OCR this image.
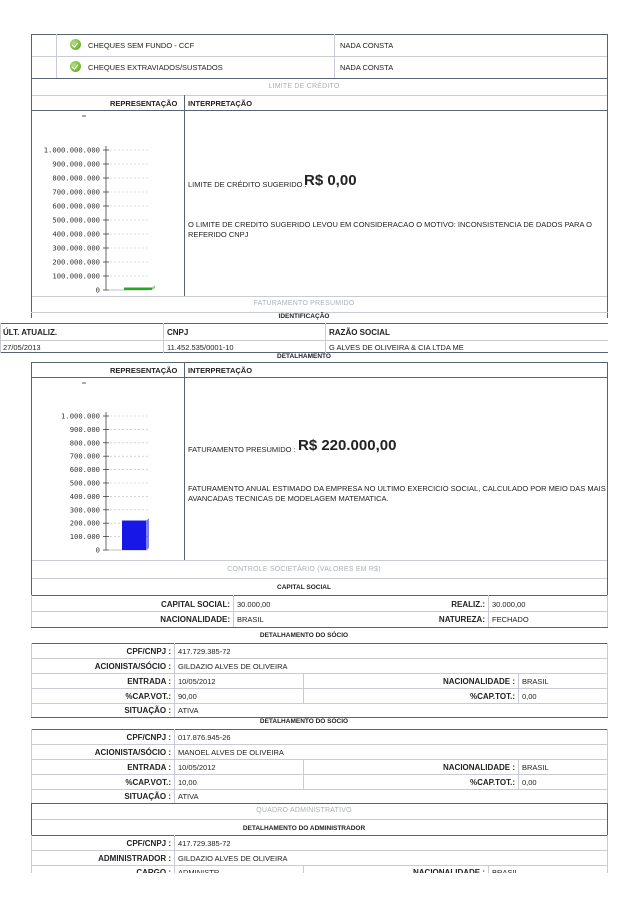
CHEQUES SEM FUNDO - CCF	NADA CONSTA
CHEQUES EXTRAVIADOS/SUSTADOS	NADA CONSTA
LIMITE DE CRÉDITO
REPRESENTAÇÃO INTERPRETAÇÃO
0
100.000.000
200.000.000
300.000.000
400.000.000
500.000.000
600.000.000
700.000.000
800.000.000
900.000.000
1.000.000.000
LIMITE DE CRÉDITO SUGERIDO :
R$ 0,00
O LIMITE DE CREDITO SUGERIDO LEVOU EM CONSIDERACAO O MOTIVO: INCONSISTENCIA DE DADOS PARA O
REFERIDO CNPJ
FATURAMENTO PRESUMIDO
IDENTIFICAÇÃO
ÚLT. ATUALIZ.	CNPJ	RAZÃO SOCIAL
27/05/2013	11.452.535/0001-10	G ALVES DE OLIVEIRA & CIA LTDA ME
DETALHAMENTO
REPRESENTAÇÃO INTERPRETAÇÃO
0
100.000
200.000
300.000
400.000
500.000
600.000
700.000
800.000
900.000
1.000.000
FATURAMENTO PRESUMIDO : R$ 220.000,00
FATURAMENTO ANUAL ESTIMADO DA EMPRESA NO ULTIMO EXERCICIO SOCIAL, CALCULADO POR MEIO DAS MAIS
AVANCADAS TECNICAS DE MODELAGEM MATEMATICA.
CONTROLE SOCIETÁRIO (VALORES EM R$)
CAPITAL SOCIAL
CAPITAL SOCIAL: 30.000,00	REALIZ.: 30.000,00
NACIONALIDADE: BRASIL	NATUREZA: FECHADO
DETALHAMENTO DO SÓCIO
CPF/CNPJ : 417.729.385-72
ACIONISTA/SÓCIO : GILDAZIO ALVES DE OLIVEIRA
ENTRADA : 10/05/2012	NACIONALIDADE : BRASIL
%CAP.VOT.: 90,00	%CAP.TOT.: 0,00
SITUAÇÃO : ATIVA
DETALHAMENTO DO SÓCIO
CPF/CNPJ : 017.876.945-26
ACIONISTA/SÓCIO : MANOEL ALVES DE OLIVEIRA
ENTRADA : 10/05/2012	NACIONALIDADE : BRASIL
%CAP.VOT.: 10,00	%CAP.TOT.: 0,00
SITUAÇÃO : ATIVA
QUADRO ADMINISTRATIVO
DETALHAMENTO DO ADMINISTRADOR
CPF/CNPJ : 417.729.385-72
ADMINISTRADOR : GILDAZIO ALVES DE OLIVEIRA
